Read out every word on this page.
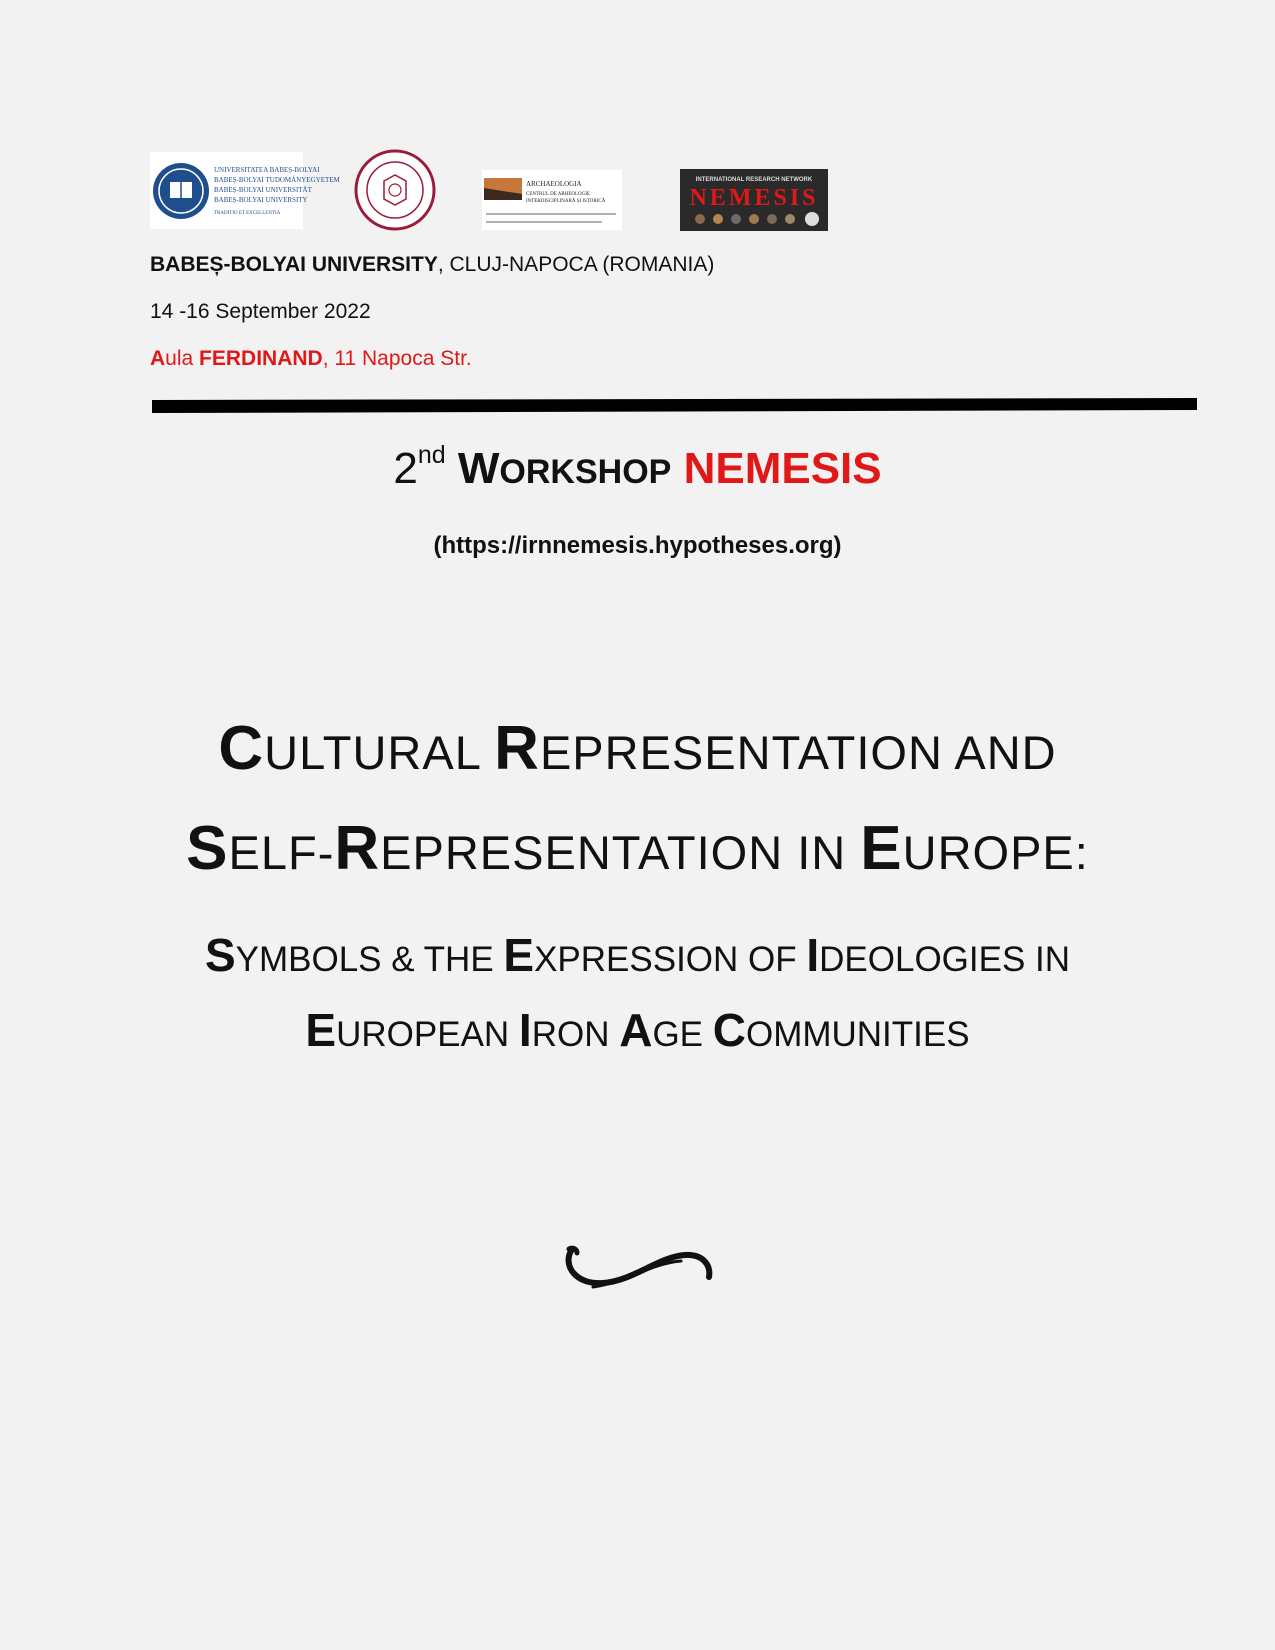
UNIVERSITATEA BABEȘ-BOLYAI
BABEȘ-BOLYAI TUDOMÁNYEGYETEM
BABEȘ-BOLYAI UNIVERSITÄT
BABEȘ-BOLYAI UNIVERSITY
TRADITIO ET EXCELLENTIA
ARCHAEOLOGIA
CENTRUL DE ARHEOLOGIE
INTERDISCIPLINARĂ ȘI ISTORICĂ
INTERNATIONAL RESEARCH NETWORK
NEMESIS
BABEȘ-BOLYAI UNIVERSITY, CLUJ-NAPOCA (ROMANIA)
14 -16 September 2022
Aula FERDINAND, 11 Napoca Str.
2nd WORKSHOP NEMESIS
(https://irnnemesis.hypotheses.org)
CULTURAL REPRESENTATION AND
SELF-REPRESENTATION IN EUROPE:
SYMBOLS & THE EXPRESSION OF IDEOLOGIES IN
EUROPEAN IRON AGE COMMUNITIES
